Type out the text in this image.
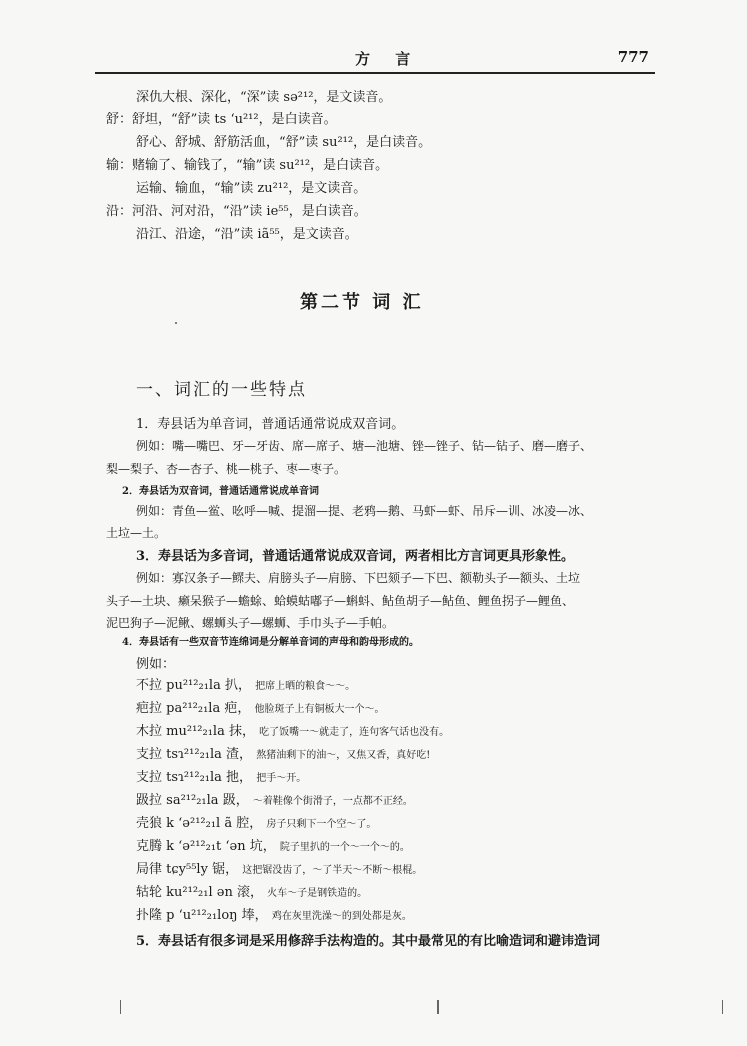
方 言	777
深仇大根、深化，“深”读 sə²¹²，是文读音。
舒：舒坦，“舒”读 ts ‘u²¹²，是白读音。
舒心、舒城、舒筋活血，“舒”读 su²¹²，是白读音。
输：赌输了、输钱了，“输”读 su²¹²，是白读音。
运输、输血，“输”读 zu²¹²，是文读音。
沿：河沿、河对沿，“沿”读 ie⁵⁵，是白读音。
沿江、沿途，“沿”读 iã⁵⁵，是文读音。
第二节 词 汇
一、词汇的一些特点
1．寿县话为单音词，普通话通常说成双音词。
例如：嘴—嘴巴、牙—牙齿、席—席子、塘—池塘、锉—锉子、钻—钻子、磨—磨子、
梨—梨子、杏—杏子、桃—桃子、枣—枣子。
2．寿县话为双音词，普通话通常说成单音词
例如：青鱼—鲎、吆呼—喊、提溜—提、老鸦—鹅、马虾—虾、吊斥—训、冰凌—冰、
土垃—土。
3．寿县话为多音词，普通话通常说成双音词，两者相比方言词更具形象性。
例如：寡汉条子—鳏夫、肩膀头子—肩膀、下巴颏子—下巴、额勒头子—额头、土垃
头子—土块、癞呆猴子—蟾蜍、蛤蟆蛄嘟子—蝌蚪、鲇鱼胡子—鲇鱼、鲤鱼拐子—鲤鱼、
泥巴狗子—泥鳅、螺蛳头子—螺蛳、手巾头子—手帕。
4．寿县话有一些双音节连绵词是分解单音词的声母和韵母形成的。
例如：
不拉 pu²¹²₂₁la 扒， 把席上晒的粮食～～。
疤拉 pa²¹²₂₁la 疤， 他脸斑子上有铜板大一个～。
木拉 mu²¹²₂₁la 抹， 吃了饭嘴一～就走了，连句客气话也没有。
支拉 tsɿ²¹²₂₁la 渣， 熬猪油剩下的油～，又焦又香，真好吃!
支拉 tsɿ²¹²₂₁la 扡， 把手～开。
趿拉 sa²¹²₂₁la 趿， ～着鞋像个街滑子，一点都不正经。
壳狼 k ‘ə²¹²₂₁l ã 腔， 房子只剩下一个空～了。
克腾 k ‘ə²¹²₂₁t ‘ən 坑， 院子里扒的一个～一个～的。
局律 tɕy⁵⁵ly 锯， 这把锯没齿了，～了半天～不断～根棍。
轱轮 ku²¹²₂₁l ən 滚， 火车～子是钢铁造的。
扑隆 p ‘u²¹²₂₁loŋ 埲， 鸡在灰里洗澡～的到处都是灰。
5．寿县话有很多词是采用修辞手法构造的。其中最常见的有比喻造词和避讳造词
